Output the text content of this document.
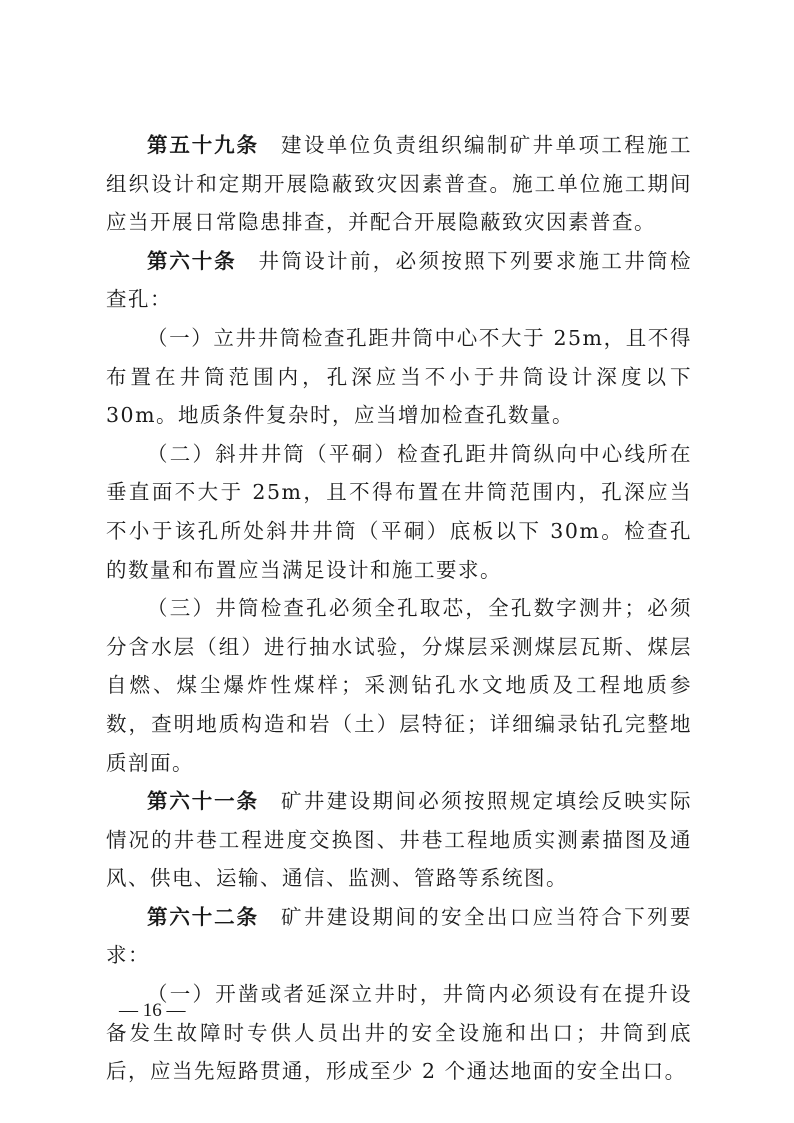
第五十九条 建设单位负责组织编制矿井单项工程施工组织设计和定期开展隐蔽致灾因素普查。施工单位施工期间应当开展日常隐患排查，并配合开展隐蔽致灾因素普查。

第六十条 井筒设计前，必须按照下列要求施工井筒检查孔：

（一）立井井筒检查孔距井筒中心不大于 25m，且不得布置在井筒范围内，孔深应当不小于井筒设计深度以下 30m。地质条件复杂时，应当增加检查孔数量。

（二）斜井井筒（平硐）检查孔距井筒纵向中心线所在垂直面不大于 25m，且不得布置在井筒范围内，孔深应当不小于该孔所处斜井井筒（平硐）底板以下 30m。检查孔的数量和布置应当满足设计和施工要求。

（三）井筒检查孔必须全孔取芯，全孔数字测井；必须分含水层（组）进行抽水试验，分煤层采测煤层瓦斯、煤层自燃、煤尘爆炸性煤样；采测钻孔水文地质及工程地质参数，查明地质构造和岩（土）层特征；详细编录钻孔完整地质剖面。

第六十一条 矿井建设期间必须按照规定填绘反映实际情况的井巷工程进度交换图、井巷工程地质实测素描图及通风、供电、运输、通信、监测、管路等系统图。

第六十二条 矿井建设期间的安全出口应当符合下列要求：

（一）开凿或者延深立井时，井筒内必须设有在提升设备发生故障时专供人员出井的安全设施和出口；井筒到底后，应当先短路贯通，形成至少 2 个通达地面的安全出口。

— 16 —
